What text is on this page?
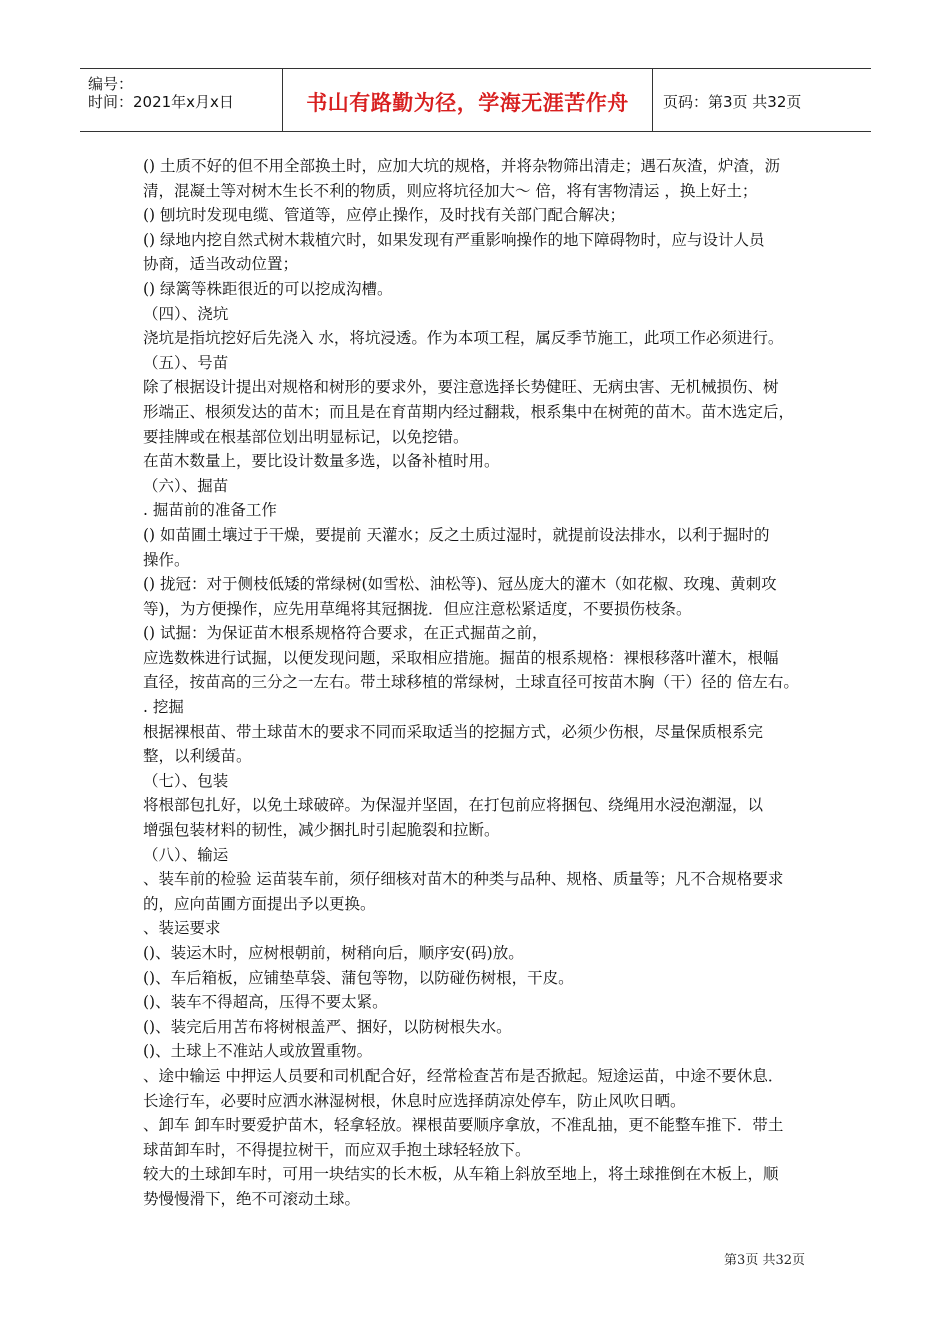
编号：
时间：2021年x月x日	书山有路勤为径，学海无涯苦作舟	页码：第3页 共32页
() 土质不好的但不用全部换土时，应加大坑的规格，并将杂物筛出清走；遇石灰渣，炉渣，沥
清，混凝土等对树木生长不利的物质，则应将坑径加大～ 倍，将有害物清运 ，换上好土；
() 刨坑时发现电缆、管道等，应停止操作，及时找有关部门配合解决；
() 绿地内挖自然式树木栽植穴时，如果发现有严重影响操作的地下障碍物时，应与设计人员
协商，适当改动位置；
() 绿篱等株距很近的可以挖成沟槽。
（四）、浇坑
浇坑是指坑挖好后先浇入 水，将坑浸透。作为本项工程，属反季节施工，此项工作必须进行。
（五）、号苗
除了根据设计提出对规格和树形的要求外，要注意选择长势健旺、无病虫害、无机械损伤、树
形端正、根须发达的苗木；而且是在育苗期内经过翻栽，根系集中在树蔸的苗木。苗木选定后，
要挂牌或在根基部位划出明显标记，以免挖错。
在苗木数量上，要比设计数量多选，以备补植时用。
（六）、掘苗
. 掘苗前的准备工作
() 如苗圃土壤过于干燥，要提前 天灌水；反之土质过湿时，就提前设法排水，以利于掘时的
操作。
() 拢冠：对于侧枝低矮的常绿树(如雪松、油松等)、冠丛庞大的灌木（如花椒、玫瑰、黄刺攻
等)，为方便操作，应先用草绳将其冠捆拢．但应注意松紧适度，不要损伤枝条。
() 试掘：为保证苗木根系规格符合要求，在正式掘苗之前，
应选数株进行试掘，以便发现问题，采取相应措施。掘苗的根系规格：裸根移落叶灌木，根幅
直径，按苗高的三分之一左右。带土球移植的常绿树，土球直径可按苗木胸（干）径的 倍左右。
. 挖掘
根据裸根苗、带土球苗木的要求不同而采取适当的挖掘方式，必须少伤根，尽量保质根系完
整，以利缓苗。
（七）、包装
将根部包扎好，以免土球破碎。为保湿并坚固，在打包前应将捆包、绕绳用水浸泡潮湿，以
增强包装材料的韧性，减少捆扎时引起脆裂和拉断。
（八）、输运
、装车前的检验 运苗装车前，须仔细核对苗木的种类与品种、规格、质量等；凡不合规格要求
的，应向苗圃方面提出予以更换。
、装运要求
()、装运木时，应树根朝前，树稍向后，顺序安(码)放。
()、车后箱板，应铺垫草袋、蒲包等物，以防碰伤树根，干皮。
()、装车不得超高，压得不要太紧。
()、装完后用苫布将树根盖严、捆好，以防树根失水。
()、土球上不准站人或放置重物。
、途中输运 中押运人员要和司机配合好，经常检查苫布是否掀起。短途运苗，中途不要休息．
长途行车，必要时应洒水淋湿树根，休息时应选择荫凉处停车，防止风吹日晒。
、卸车 卸车时要爱护苗木，轻拿轻放。裸根苗要顺序拿放，不准乱抽，更不能整车推下．带土
球苗卸车时，不得提拉树干，而应双手抱土球轻轻放下。
较大的土球卸车时，可用一块结实的长木板，从车箱上斜放至地上，将土球推倒在木板上，顺
势慢慢滑下，绝不可滚动土球。
第3页 共32页
